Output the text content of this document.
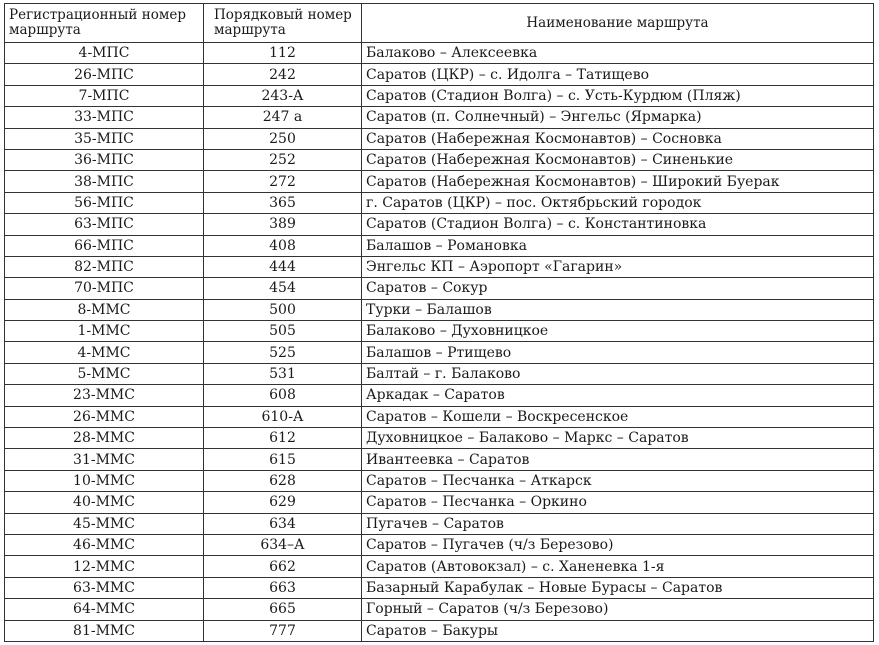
Регистрационный номер маршрута	Порядковый номер маршрута	Наименование маршрута
4-МПС	112	Балаково – Алексеевка
26-МПС	242	Саратов (ЦКР) – с. Идолга – Татищево
7-МПС	243-А	Саратов (Стадион Волга) – с. Усть-Курдюм (Пляж)
33-МПС	247 а	Саратов (п. Солнечный) – Энгельс (Ярмарка)
35-МПС	250	Саратов (Набережная Космонавтов) – Сосновка
36-МПС	252	Саратов (Набережная Космонавтов) – Синенькие
38-МПС	272	Саратов (Набережная Космонавтов) – Широкий Буерак
56-МПС	365	г. Саратов (ЦКР) – пос. Октябрьский городок
63-МПС	389	Саратов (Стадион Волга) – с. Константиновка
66-МПС	408	Балашов – Романовка
82-МПС	444	Энгельс КП – Аэропорт «Гагарин»
70-МПС	454	Саратов – Сокур
8-ММС	500	Турки – Балашов
1-ММС	505	Балаково – Духовницкое
4-ММС	525	Балашов – Ртищево
5-ММС	531	Балтай – г. Балаково
23-ММС	608	Аркадак – Саратов
26-ММС	610-А	Саратов – Кошели – Воскресенское
28-ММС	612	Духовницкое – Балаково – Маркс – Саратов
31-ММС	615	Ивантеевка – Саратов
10-ММС	628	Саратов – Песчанка – Аткарск
40-ММС	629	Саратов – Песчанка – Оркино
45-ММС	634	Пугачев – Саратов
46-ММС	634–А	Саратов – Пугачев (ч/з Березово)
12-ММС	662	Саратов (Автовокзал) – с. Ханеневка 1-я
63-ММС	663	Базарный Карабулак – Новые Бурасы – Саратов
64-ММС	665	Горный – Саратов (ч/з Березово)
81-ММС	777	Саратов – Бакуры
